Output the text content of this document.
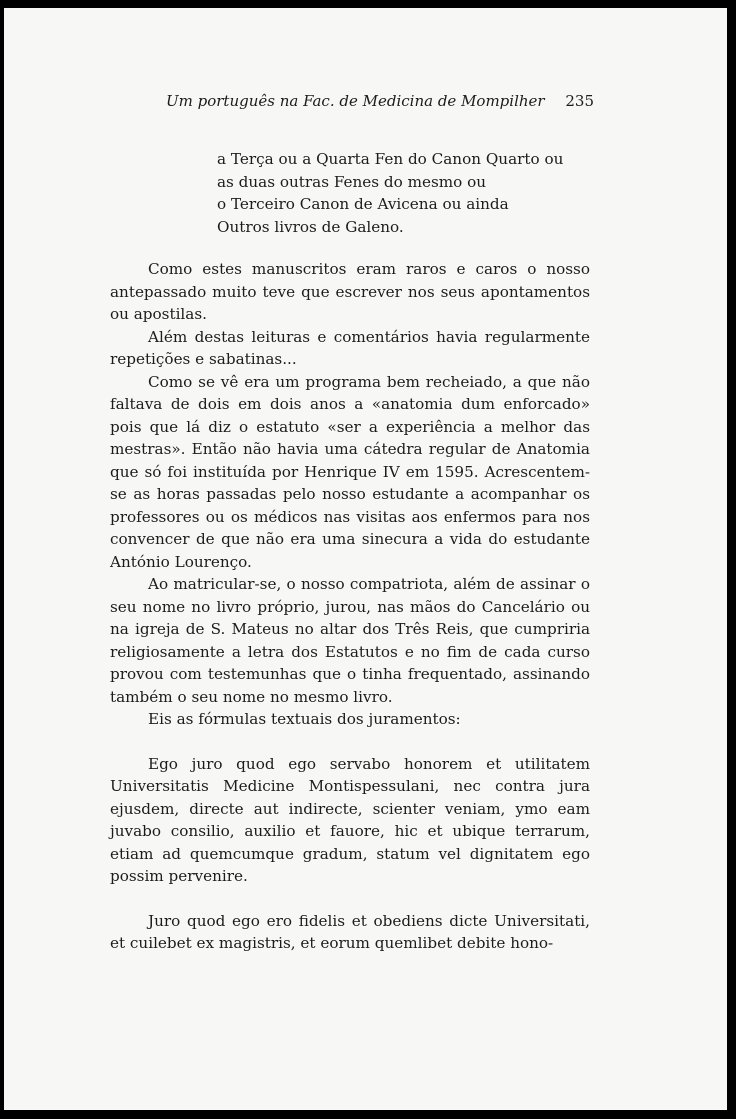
Um português na Fac. de Medicina de Mompilher 235
a Terça ou a Quarta Fen do Canon Quarto ou
as duas outras Fenes do mesmo ou
o Terceiro Canon de Avicena ou ainda
Outros livros de Galeno.

Como estes manuscritos eram raros e caros o nosso antepassado muito teve que escrever nos seus apontamentos ou apostilas.

Além destas leituras e comentários havia regularmente repetições e sabatinas...

Como se vê era um programa bem recheiado, a que não faltava de dois em dois anos a «anatomia dum enforcado» pois que lá diz o estatuto «ser a experiência a melhor das mestras». Então não havia uma cátedra regular de Anatomia que só foi instituída por Henrique IV em 1595. Acrescentem-se as horas passadas pelo nosso estudante a acompanhar os professores ou os médicos nas visitas aos enfermos para nos convencer de que não era uma sinecura a vida do estudante António Lourenço.

Ao matricular-se, o nosso compatriota, além de assinar o seu nome no livro próprio, jurou, nas mãos do Cancelário ou na igreja de S. Mateus no altar dos Três Reis, que cumpriria religiosamente a letra dos Estatutos e no fim de cada curso provou com testemunhas que o tinha frequentado, assinando também o seu nome no mesmo livro.

Eis as fórmulas textuais dos juramentos:

Ego juro quod ego servabo honorem et utilitatem Universitatis Medicine Montispessulani, nec contra jura ejusdem, directe aut indirecte, scienter veniam, ymo eam juvabo consilio, auxilio et fauore, hic et ubique terrarum, etiam ad quemcumque gradum, statum vel dignitatem ego possim pervenire.

Juro quod ego ero fidelis et obediens dicte Universitati, et cuilebet ex magistris, et eorum quemlibet debite hono-
